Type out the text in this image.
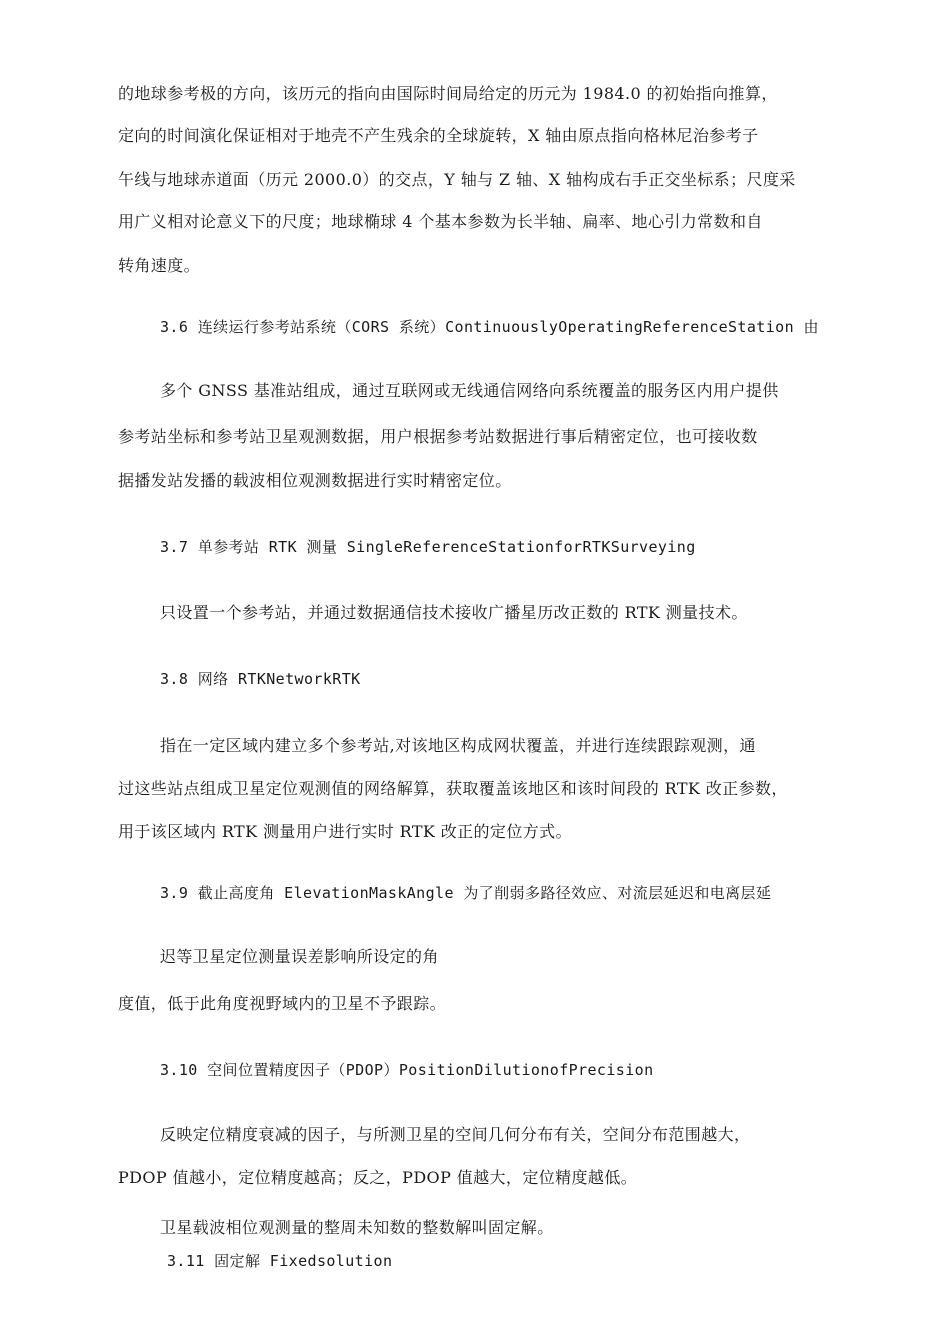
的地球参考极的方向，该历元的指向由国际时间局给定的历元为 1984.0 的初始指向推算，
定向的时间演化保证相对于地壳不产生残余的全球旋转，X 轴由原点指向格林尼治参考子
午线与地球赤道面（历元 2000.0）的交点，Y 轴与 Z 轴、X 轴构成右手正交坐标系；尺度采
用广义相对论意义下的尺度；地球椭球 4 个基本参数为长半轴、扁率、地心引力常数和自
转角速度。
3.6 连续运行参考站系统（CORS 系统）ContinuouslyOperatingReferenceStation 由
多个 GNSS 基准站组成，通过互联网或无线通信网络向系统覆盖的服务区内用户提供
参考站坐标和参考站卫星观测数据，用户根据参考站数据进行事后精密定位，也可接收数
据播发站发播的载波相位观测数据进行实时精密定位。
3.7 单参考站 RTK 测量 SingleReferenceStationforRTKSurveying
只设置一个参考站，并通过数据通信技术接收广播星历改正数的 RTK 测量技术。
3.8 网络 RTKNetworkRTK
指在一定区域内建立多个参考站,对该地区构成网状覆盖，并进行连续跟踪观测，通
过这些站点组成卫星定位观测值的网络解算，获取覆盖该地区和该时间段的 RTK 改正参数，
用于该区域内 RTK 测量用户进行实时 RTK 改正的定位方式。
3.9 截止高度角 ElevationMaskAngle 为了削弱多路径效应、对流层延迟和电离层延
迟等卫星定位测量误差影响所设定的角
度值，低于此角度视野域内的卫星不予跟踪。
3.10 空间位置精度因子（PDOP）PositionDilutionofPrecision
反映定位精度衰减的因子，与所测卫星的空间几何分布有关，空间分布范围越大，
PDOP 值越小，定位精度越高；反之，PDOP 值越大，定位精度越低。
卫星载波相位观测量的整周未知数的整数解叫固定解。
3.11 固定解 Fixedsolution
